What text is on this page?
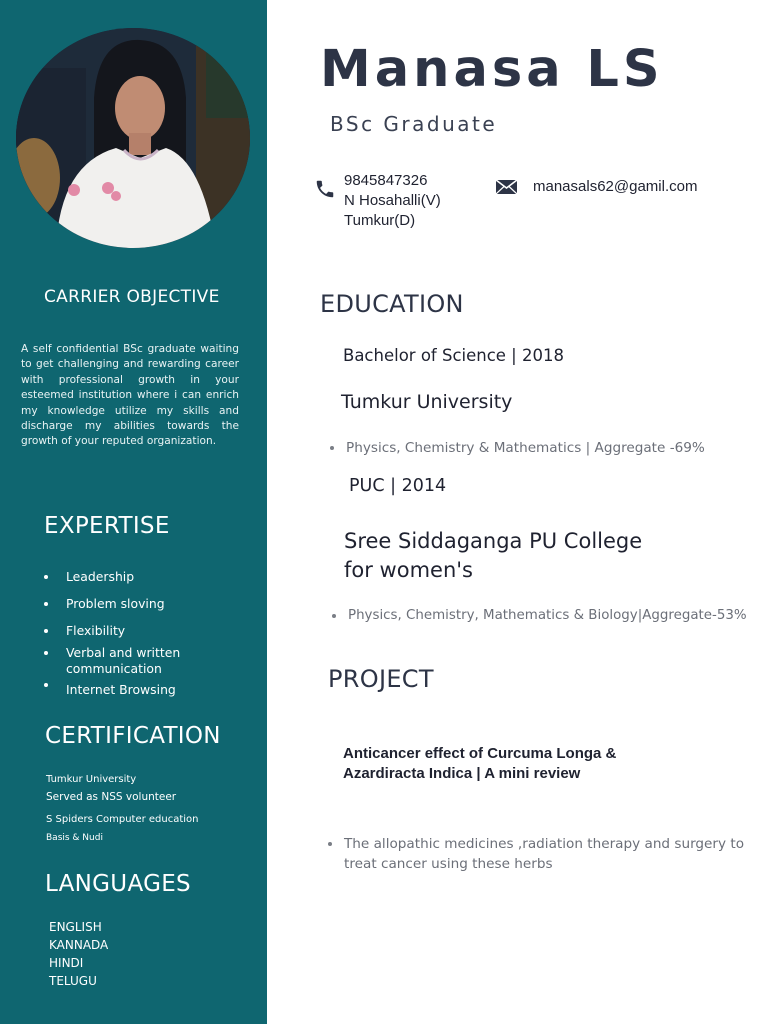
CARRIER OBJECTIVE

A self confidential BSc graduate waiting to get challenging and rewarding career with professional growth in your esteemed institution where i can enrich my knowledge utilize my skills and discharge my abilities towards the growth of your reputed organization.

EXPERTISE
Leadership
Problem sloving
Flexibility
Verbal and written communication
Internet Browsing
CERTIFICATION
Tumkur University
Served as NSS volunteer
S Spiders Computer education
Basis & Nudi
LANGUAGES
ENGLISH
KANNADA
HINDI
TELUGU
Manasa LS
BSc Graduate
9845847326
N Hosahalli(V)
Tumkur(D)
manasals62@gamil.com
EDUCATION
Bachelor of Science | 2018
Tumkur University
Physics, Chemistry & Mathematics | Aggregate -69%
PUC | 2014
Sree Siddaganga PU College
for women's
Physics, Chemistry, Mathematics & Biology|Aggregate-53%
PROJECT

Anticancer effect of Curcuma Longa &
Azardiracta Indica | A mini review

The allopathic medicines ,radiation therapy and surgery to
treat cancer using these herbs
